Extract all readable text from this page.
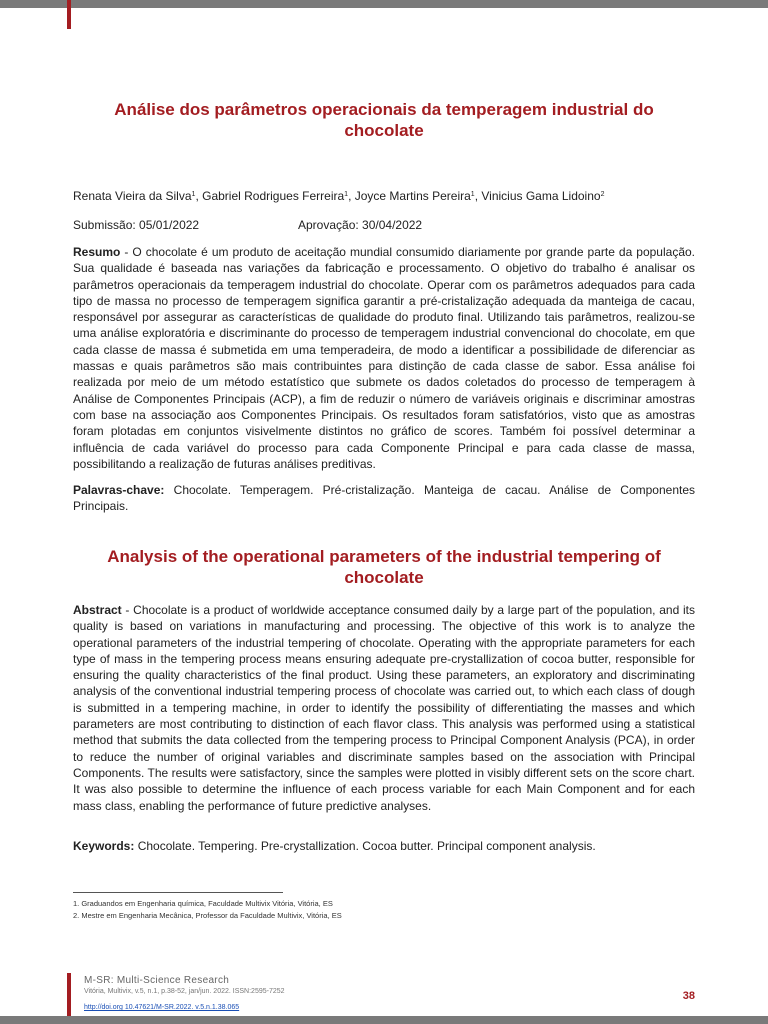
Análise dos parâmetros operacionais da temperagem industrial do chocolate
Renata Vieira da Silva$^1$, Gabriel Rodrigues Ferreira$^1$, Joyce Martins Pereira$^1$, Vinicius Gama Lidoino$^2$
Submissão: 05/01/2022	Aprovação: 30/04/2022

Resumo - O chocolate é um produto de aceitação mundial consumido diariamente por grande parte da população. Sua qualidade é baseada nas variações da fabricação e processamento. O objetivo do trabalho é analisar os parâmetros operacionais da temperagem industrial do chocolate. Operar com os parâmetros adequados para cada tipo de massa no processo de temperagem significa garantir a pré-cristalização adequada da manteiga de cacau, responsável por assegurar as características de qualidade do produto final. Utilizando tais parâmetros, realizou-se uma análise exploratória e discriminante do processo de temperagem industrial convencional do chocolate, em que cada classe de massa é submetida em uma temperadeira, de modo a identificar a possibilidade de diferenciar as massas e quais parâmetros são mais contribuintes para distinção de cada classe de sabor. Essa análise foi realizada por meio de um método estatístico que submete os dados coletados do processo de temperagem à Análise de Componentes Principais (ACP), a fim de reduzir o número de variáveis originais e discriminar amostras com base na associação aos Componentes Principais. Os resultados foram satisfatórios, visto que as amostras foram plotadas em conjuntos visivelmente distintos no gráfico de scores. Também foi possível determinar a influência de cada variável do processo para cada Componente Principal e para cada classe de massa, possibilitando a realização de futuras análises preditivas.

Palavras-chave: Chocolate. Temperagem. Pré-cristalização. Manteiga de cacau. Análise de Componentes Principais.

Analysis of the operational parameters of the industrial tempering of chocolate

Abstract - Chocolate is a product of worldwide acceptance consumed daily by a large part of the population, and its quality is based on variations in manufacturing and processing. The objective of this work is to analyze the operational parameters of the industrial tempering of chocolate. Operating with the appropriate parameters for each type of mass in the tempering process means ensuring adequate pre-crystallization of cocoa butter, responsible for ensuring the quality characteristics of the final product. Using these parameters, an exploratory and discriminating analysis of the conventional industrial tempering process of chocolate was carried out, to which each class of dough is submitted in a tempering machine, in order to identify the possibility of differentiating the masses and which parameters are most contributing to distinction of each flavor class. This analysis was performed using a statistical method that submits the data collected from the tempering process to Principal Component Analysis (PCA), in order to reduce the number of original variables and discriminate samples based on the association with Principal Components. The results were satisfactory, since the samples were plotted in visibly different sets on the score chart. It was also possible to determine the influence of each process variable for each Main Component and for each mass class, enabling the performance of future predictive analyses.

Keywords: Chocolate. Tempering. Pre-crystallization. Cocoa butter. Principal component analysis.

1. Graduandos em Engenharia química, Faculdade Multivix Vitória, Vitória, ES
2. Mestre em Engenharia Mecânica, Professor da Faculdade Multivix, Vitória, ES
M-SR: Multi-Science Research
Vitória, Multivix, v.5, n.1, p.38-52, jan/jun. 2022. ISSN:2595-7252
http://doi.org 10.47621/M-SR.2022. v.5.n.1.38.065
38
